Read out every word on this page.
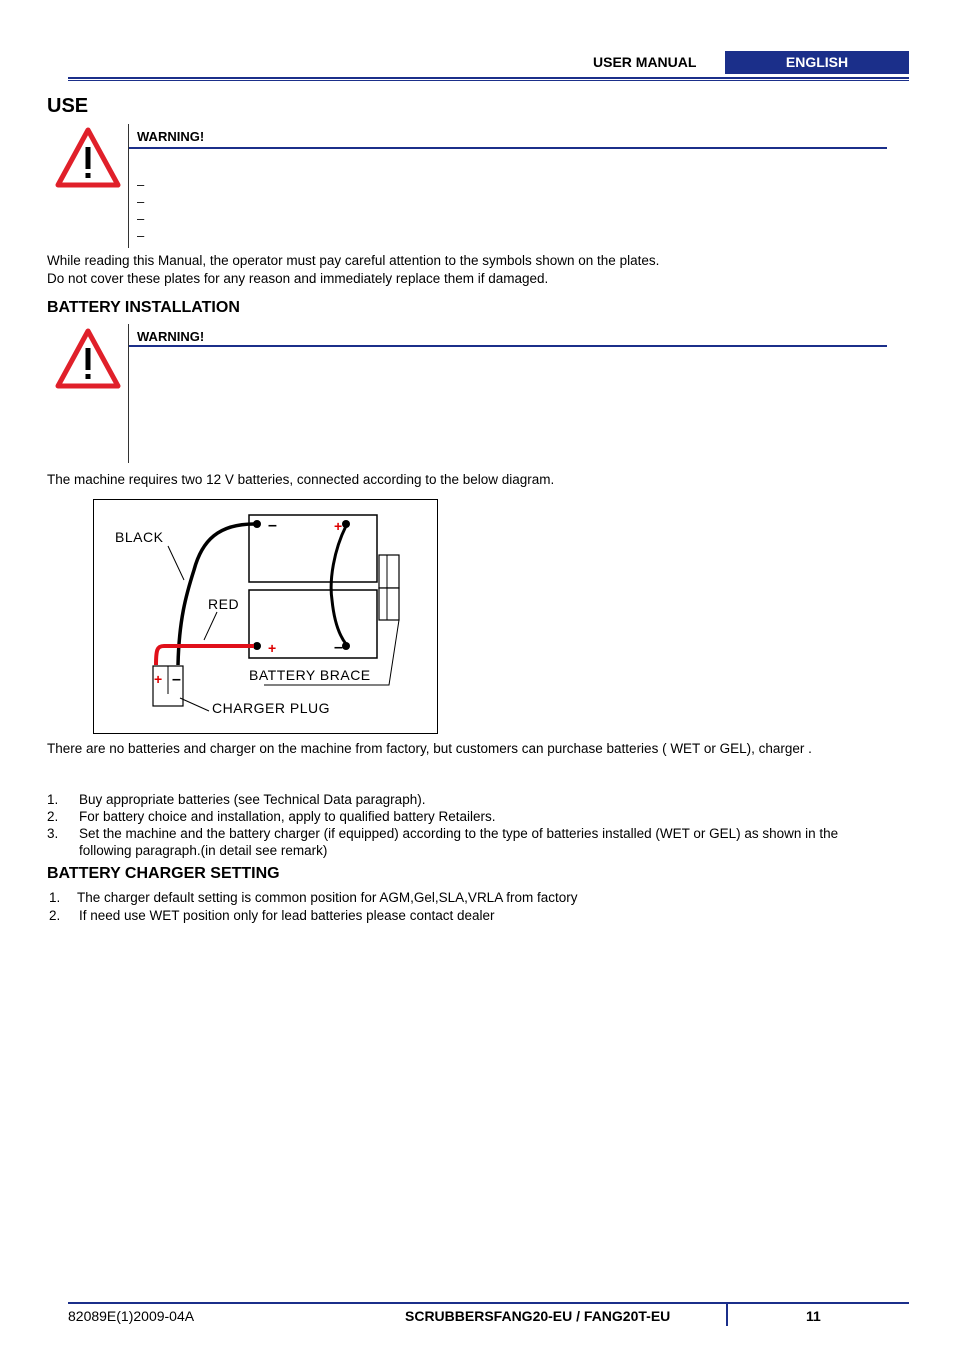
USER MANUAL	ENGLISH
USE
WARNING!
–
–
–
–
While reading this Manual, the operator must pay careful attention to the symbols shown on the plates.
Do not cover these plates for any reason and immediately replace them if damaged.
BATTERY INSTALLATION
WARNING!
The machine requires two 12 V batteries, connected according to the below diagram.
–	+
+	–
+ –
BLACK
RED
BATTERY BRACE
CHARGER PLUG
There are no batteries and charger on the machine from factory, but customers can purchase batteries ( WET or GEL), charger .
1. Buy appropriate batteries (see Technical Data paragraph).
2. For battery choice and installation, apply to qualified battery Retailers.
3. Set the machine and the battery charger (if equipped) according to the type of batteries installed (WET or GEL) as shown in the following paragraph.(in detail see remark)
BATTERY CHARGER SETTING
1. The charger default setting is common position for AGM,Gel,SLA,VRLA from factory
2. If need use WET position only for lead batteries please contact dealer
82089E(1)2009-04A	SCRUBBERSFANG20-EU / FANG20T-EU	11
